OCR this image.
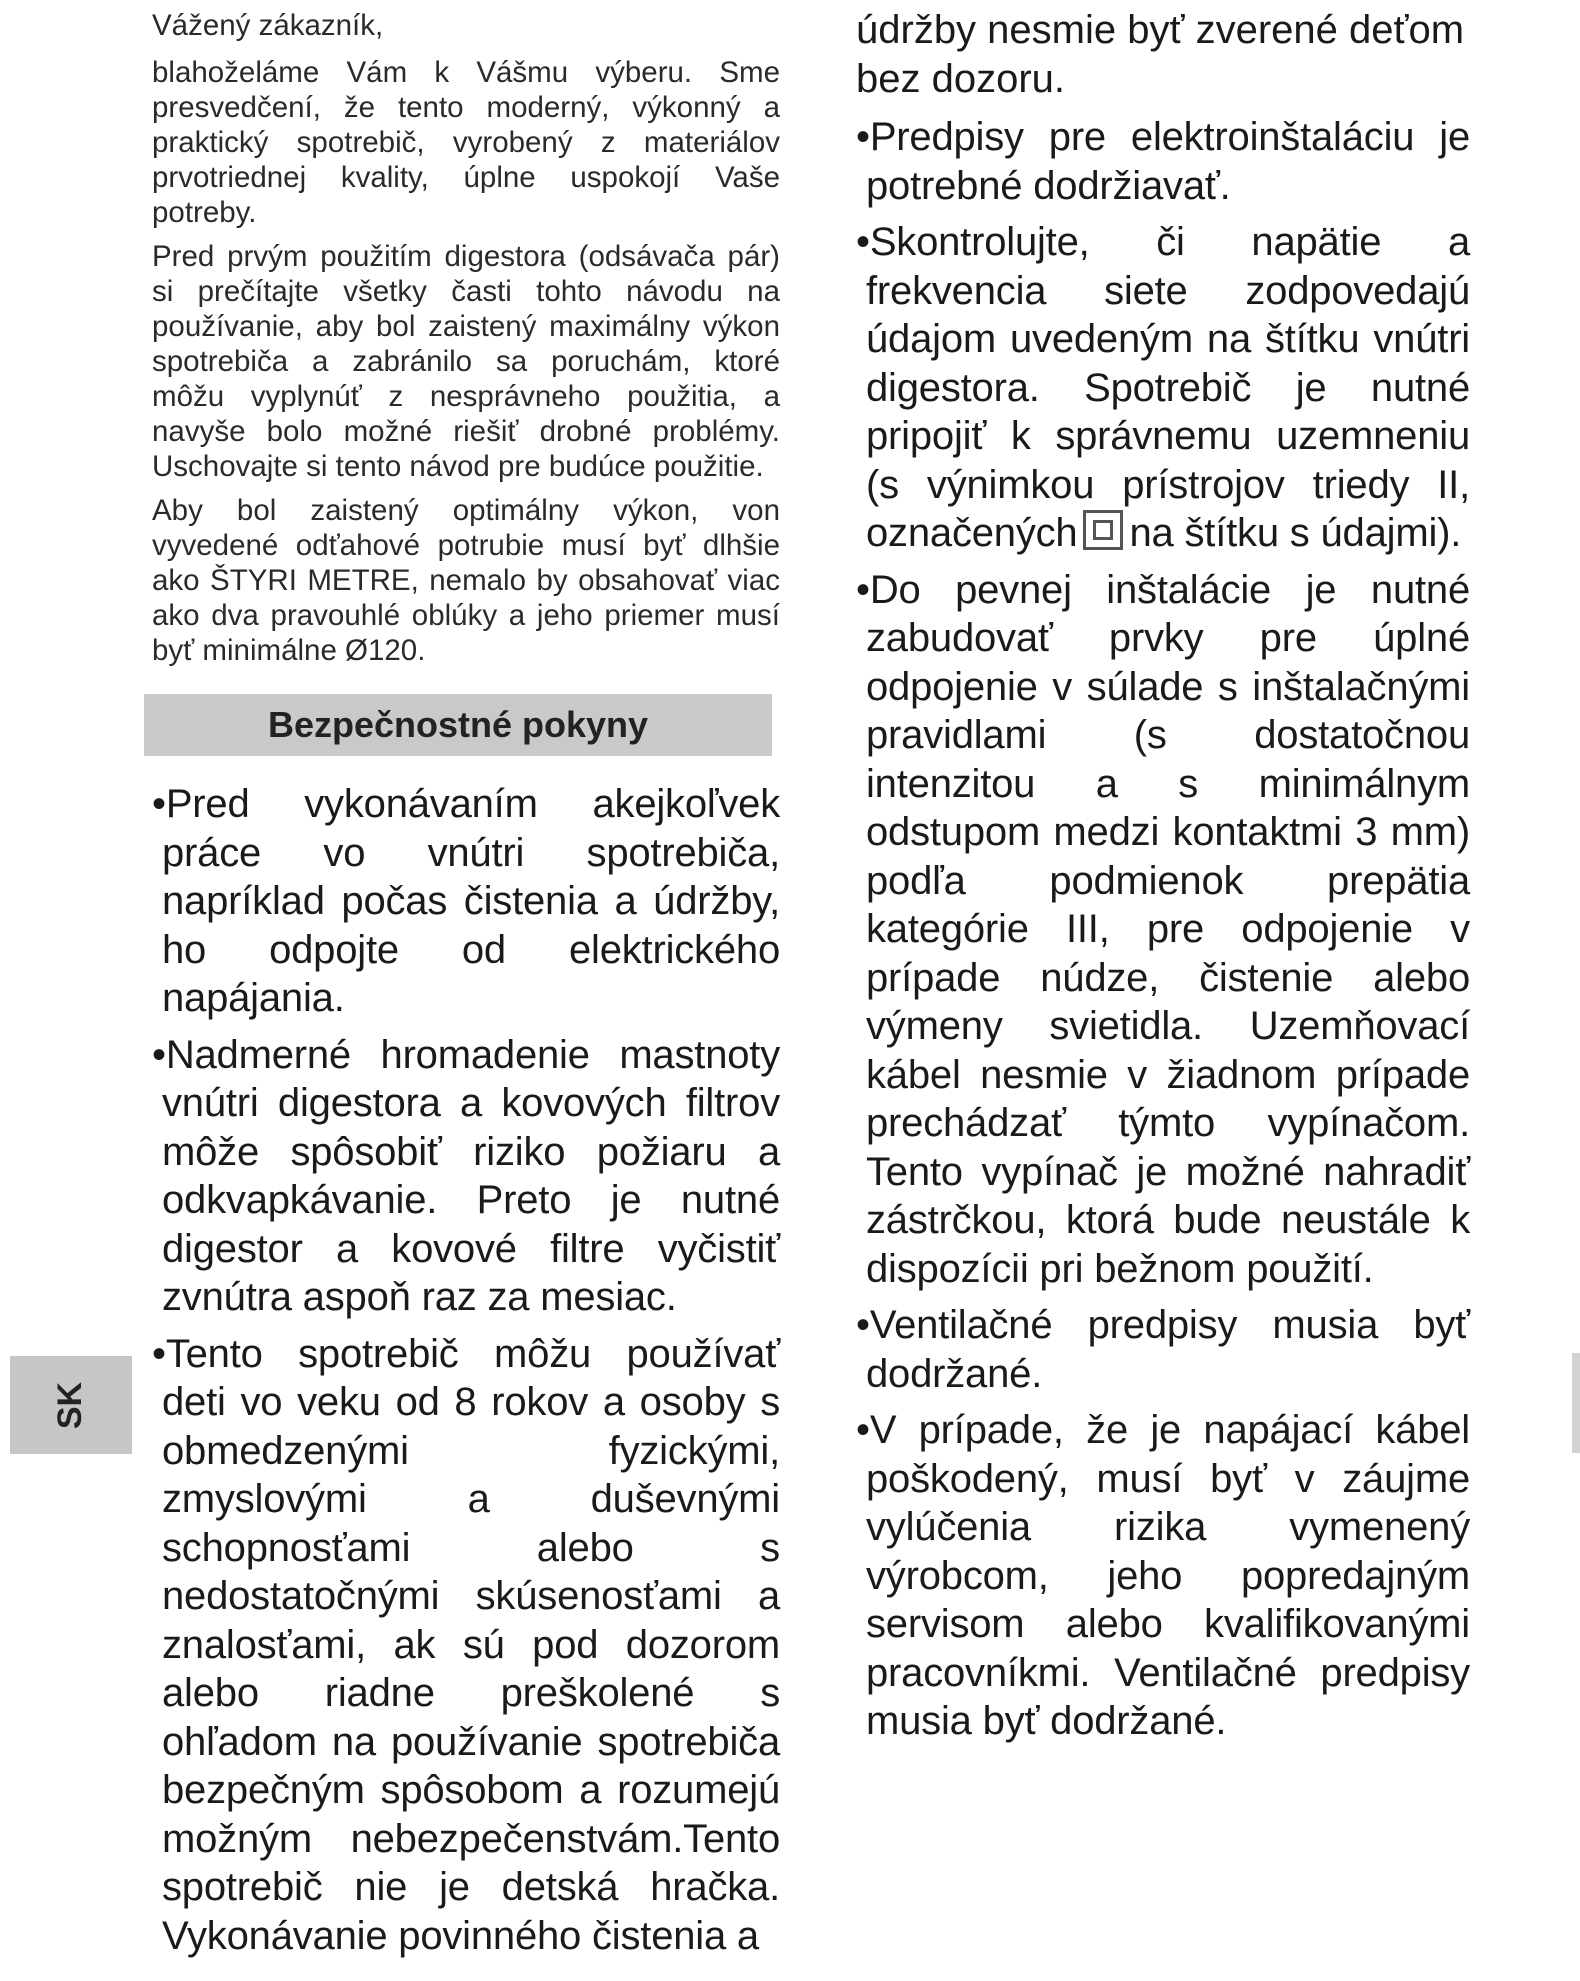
Vážený zákazník,

blahoželáme Vám k Vášmu výberu. Sme presvedčení, že tento moderný, výkonný a praktický spotrebič, vyrobený z materiálov prvotriednej kvality, úplne uspokojí Vaše potreby.

Pred prvým použitím digestora (odsávača pár) si prečítajte všetky časti tohto návodu na používanie, aby bol zaistený maximálny výkon spotrebiča a zabránilo sa poruchám, ktoré môžu vyplynúť z nesprávneho použitia, a navyše bolo možné riešiť drobné problémy. Uschovajte si tento návod pre budúce použitie.

Aby bol zaistený optimálny výkon, von vyvedené odťahové potrubie musí byť dlhšie ako ŠTYRI METRE, nemalo by obsahovať viac ako dva pravouhlé oblúky a jeho priemer musí byť minimálne Ø120.

Bezpečnostné pokyny
•Pred vykonávaním akejkoľvek práce vo vnútri spotrebiča, napríklad počas čistenia a údržby, ho odpojte od elektrického napájania.
•Nadmerné hromadenie mastnoty vnútri digestora a kovových filtrov môže spôsobiť riziko požiaru a odkvapkávanie. Preto je nutné digestor a kovové filtre vyčistiť zvnútra aspoň raz za mesiac.
•Tento spotrebič môžu používať deti vo veku od 8 rokov a osoby s obmedzenými fyzickými, zmyslovými a duševnými schopnosťami alebo s nedostatočnými skúsenosťami a znalosťami, ak sú pod dozorom alebo riadne preškolené s ohľadom na používanie spotrebiča bezpečným spôsobom a rozumejú možným nebezpečenstvám.Tento spotrebič nie je detská hračka. Vykonávanie povinného čistenia a

údržby nesmie byť zverené deťom bez dozoru.

•Predpisy pre elektroinštaláciu je potrebné dodržiavať.
•Skontrolujte, či napätie a frekvencia siete zodpovedajú údajom uvedeným na štítku vnútri digestora. Spotrebič je nutné pripojiť k správnemu uzemneniu (s výnimkou prístrojov triedy II, označených na štítku s údajmi).
•Do pevnej inštalácie je nutné zabudovať prvky pre úplné odpojenie v súlade s inštalačnými pravidlami (s dostatočnou intenzitou a s minimálnym odstupom medzi kontaktmi 3 mm) podľa podmienok prepätia kategórie III, pre odpojenie v prípade núdze, čistenie alebo výmeny svietidla. Uzemňovací kábel nesmie v žiadnom prípade prechádzať týmto vypínačom. Tento vypínač je možné nahradiť zástrčkou, ktorá bude neustále k dispozícii pri bežnom použití.
•Ventilačné predpisy musia byť dodržané.
•V prípade, že je napájací kábel poškodený, musí byť v záujme vylúčenia rizika vymenený výrobcom, jeho popredajným servisom alebo kvalifikovanými pracovníkmi. Ventilačné predpisy musia byť dodržané.
SK
